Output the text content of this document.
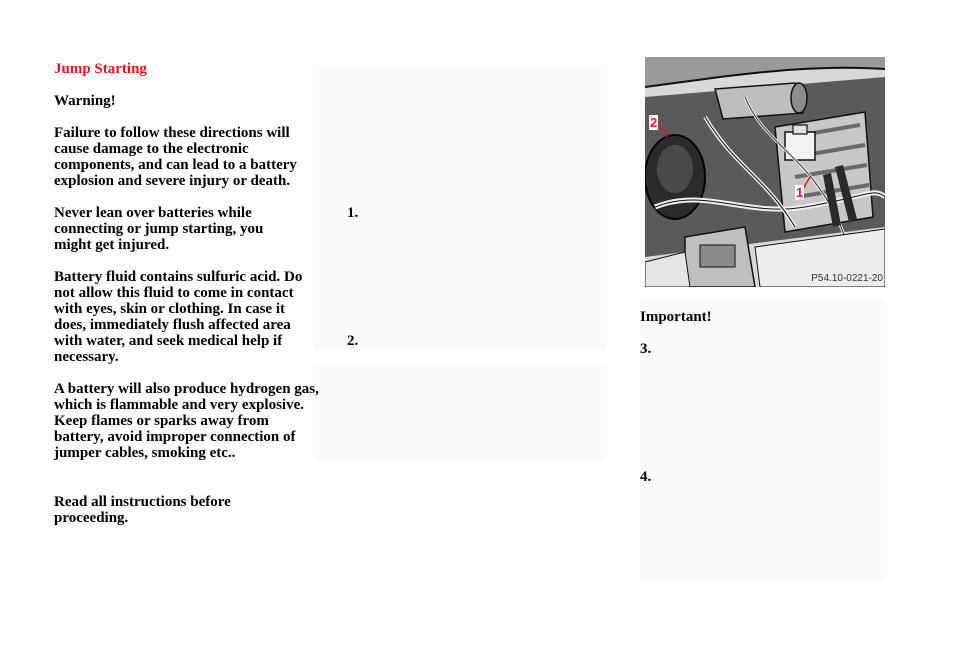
Jump Starting
Warning!
Failure to follow these directions will cause damage to the electronic components, and can lead to a battery explosion and severe injury or death.
Never lean over batteries while connecting or jump starting, you might get injured.
Battery fluid contains sulfuric acid. Do not allow this fluid to come in contact with eyes, skin or clothing. In case it does, immediately flush affected area with water, and seek medical help if necessary.
A battery will also produce hydrogen gas, which is flammable and very explosive. Keep flames or sparks away from battery, avoid improper connection of jumper cables, smoking etc..
Read all instructions before proceeding.
1.
2.
2
1
P54.10-0221-20
Important!
3.
4.
